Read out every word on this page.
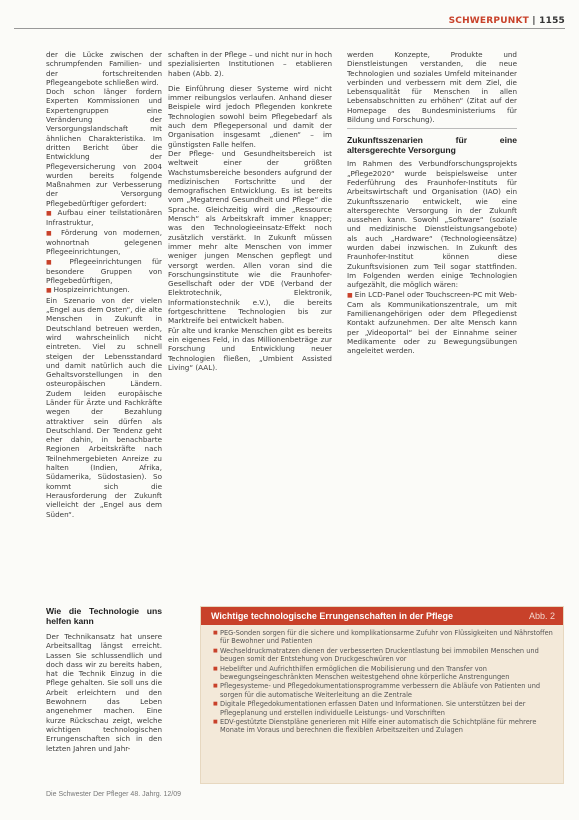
SCHWERPUNKT | 1155

der die Lücke zwischen der schrumpfenden Familien- und der fortschreitenden Pflegeangebote schließen wird.

Doch schon länger fordern Experten Kommissionen und Expertengruppen eine Veränderung der Versorgungslandschaft mit ähnlichen Charakteristika. Im dritten Bericht über die Entwicklung der Pflegeversicherung von 2004 wurden bereits folgende Maßnahmen zur Verbesserung der Versorgung Pflegebedürftiger gefordert:

■ Aufbau einer teilstationären Infrastruktur,
■ Förderung von modernen, wohnortnah gelegenen Pflegeeinrichtungen,
■ Pflegeeinrichtungen für besondere Gruppen von Pflegebedürftigen,
■ Hospizeinrichtungen.

Ein Szenario von der vielen „Engel aus dem Osten“, die alte Menschen in Zukunft in Deutschland betreuen werden, wird wahrscheinlich nicht eintreten. Viel zu schnell steigen der Lebensstandard und damit natürlich auch die Gehaltsvorstellungen in den osteuropäischen Ländern. Zudem leiden europäische Länder für Ärzte und Fachkräfte wegen der Bezahlung attraktiver sein dürfen als Deutschland. Der Tendenz geht eher dahin, in benachbarte Regionen Arbeitskräfte nach Teilnehmergebieten Anreize zu halten (Indien, Afrika, Südamerika, Südostasien). So kommt sich die Herausforderung der Zukunft vielleicht der „Engel aus dem Süden“.

schaften in der Pflege – und nicht nur in hoch spezialisierten Institutionen – etablieren haben (Abb. 2).

Die Einführung dieser Systeme wird nicht immer reibungslos verlaufen. Anhand dieser Beispiele wird jedoch Pflegenden konkrete Technologien sowohl beim Pflegebedarf als auch dem Pflegepersonal und damit der Organisation insgesamt „dienen“ – im günstigsten Falle helfen.

Der Pflege- und Gesundheitsbereich ist weltweit einer der größten Wachstumsbereiche besonders aufgrund der medizinischen Fortschritte und der demografischen Entwicklung. Es ist bereits vom „Megatrend Gesundheit und Pflege“ die Sprache. Gleichzeitig wird die „Ressource Mensch“ als Arbeitskraft immer knapper; was den Technologieeinsatz-Effekt noch zusätzlich verstärkt. In Zukunft müssen immer mehr alte Menschen von immer weniger jungen Menschen gepflegt und versorgt werden. Allen voran sind die Forschungsinstitute wie die Fraunhofer-Gesellschaft oder der VDE (Verband der Elektrotechnik, Elektronik, Informationstechnik e.V.), die bereits fortgeschrittene Technologien bis zur Marktreife bei entwickelt haben.

Für alte und kranke Menschen gibt es bereits ein eigenes Feld, in das Millionenbeträge zur Forschung und Entwicklung neuer Technologien fließen, „Umbient Assisted Living“ (AAL).

werden Konzepte, Produkte und Dienstleistungen verstanden, die neue Technologien und soziales Umfeld miteinander verbinden und verbessern mit dem Ziel, die Lebensqualität für Menschen in allen Lebensabschnitten zu erhöhen“ (Zitat auf der Homepage des Bundesministeriums für Bildung und Forschung).

Zukunftsszenarien für eine altersgerechte Versorgung

Im Rahmen des Verbundforschungsprojekts „Pflege2020“ wurde beispielsweise unter Federführung des Fraunhofer-Instituts für Arbeitswirtschaft und Organisation (IAO) ein Zukunftsszenario entwickelt, wie eine altersgerechte Versorgung in der Zukunft aussehen kann. Sowohl „Software“ (soziale und medizinische Dienstleistungsangebote) als auch „Hardware“ (Technologieensätze) wurden dabei inzwischen. In Zukunft des Fraunhofer-Institut können diese Zukunftsvisionen zum Teil sogar stattfinden. Im Folgenden werden einige Technologien aufgezählt, die möglich wären:

■ Ein LCD-Panel oder Touchscreen-PC mit Web-Cam als Kommunikationszentrale, um mit Familienangehörigen oder dem Pflegedienst Kontakt aufzunehmen. Der alte Mensch kann per „Videoportal“ bei der Einnahme seiner Medikamente oder zu Bewegungsübungen angeleitet werden.
Wie die Technologie uns helfen kann

Der Technikansatz hat unsere Arbeitsalltag längst erreicht. Lassen Sie schlussendlich und doch dass wir zu bereits haben, hat die Technik Einzug in die Pflege gehalten. Sie soll uns die Arbeit erleichtern und den Bewohnern das Leben angenehmer machen. Eine kurze Rückschau zeigt, welche wichtigen technologischen Errungenschaften sich in den letzten Jahren und Jahr-

Wichtige technologische Errungenschaften in der Pflege	Abb. 2
■ PEG-Sonden sorgen für die sichere und komplikationsarme Zufuhr von Flüssigkeiten und Nährstoffen für Bewohner und Patienten
■ Wechseldruckmatratzen dienen der verbesserten Druckentlastung bei immobilen Menschen und beugen somit der Entstehung von Druckgeschwüren vor
■ Hebelifter und Aufrichthilfen ermöglichen die Mobilisierung und den Transfer von bewegungseingeschränkten Menschen weitestgehend ohne körperliche Anstrengungen
■ Pflegesysteme- und Pflegedokumentationsprogramme verbessern die Abläufe von Patienten und sorgen für die automatische Weiterleitung an die Zentrale
■ Digitale Pflegedokumentationen erfassen Daten und Informationen. Sie unterstützen bei der Pflegeplanung und erstellen individuelle Leistungs- und Vorschriften
■ EDV-gestützte Dienstpläne generieren mit Hilfe einer automatisch die Schichtpläne für mehrere Monate im Voraus und berechnen die flexiblen Arbeitszeiten und Zulagen
Die Schwester Der Pfleger 48. Jahrg. 12/09
